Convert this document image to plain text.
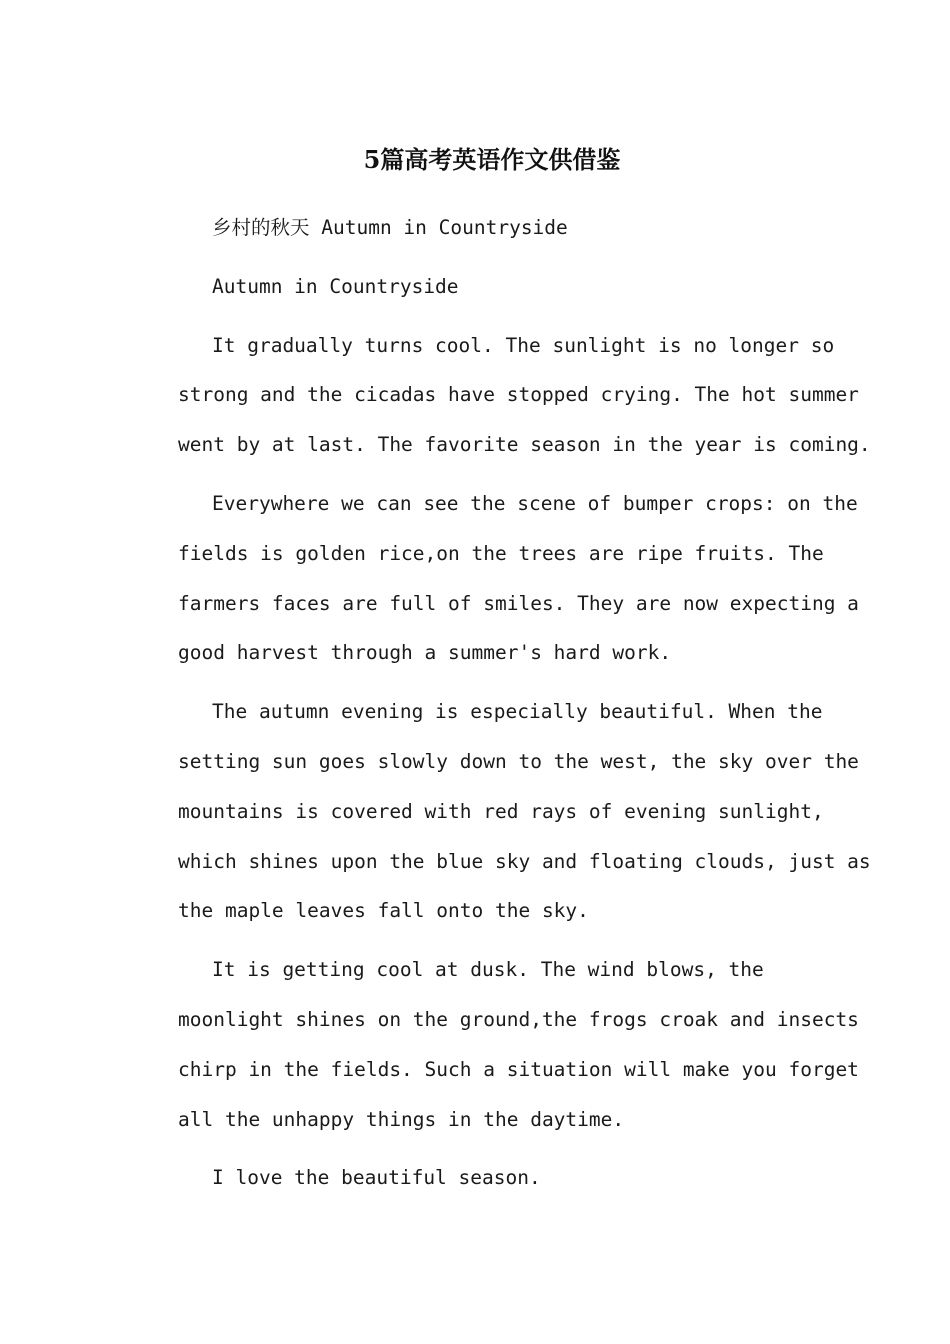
5篇高考英语作文供借鉴
乡村的秋天 Autumn in Countryside
Autumn in Countryside
It gradually turns cool. The sunlight is no longer so
strong and the cicadas have stopped crying. The hot summer
went by at last. The favorite season in the year is coming.
Everywhere we can see the scene of bumper crops: on the
fields is golden rice,on the trees are ripe fruits. The
farmers faces are full of smiles. They are now expecting a
good harvest through a summer's hard work.
The autumn evening is especially beautiful. When the
setting sun goes slowly down to the west, the sky over the
mountains is covered with red rays of evening sunlight,
which shines upon the blue sky and floating clouds, just as
the maple leaves fall onto the sky.
It is getting cool at dusk. The wind blows, the
moonlight shines on the ground,the frogs croak and insects
chirp in the fields. Such a situation will make you forget
all the unhappy things in the daytime.
I love the beautiful season.
